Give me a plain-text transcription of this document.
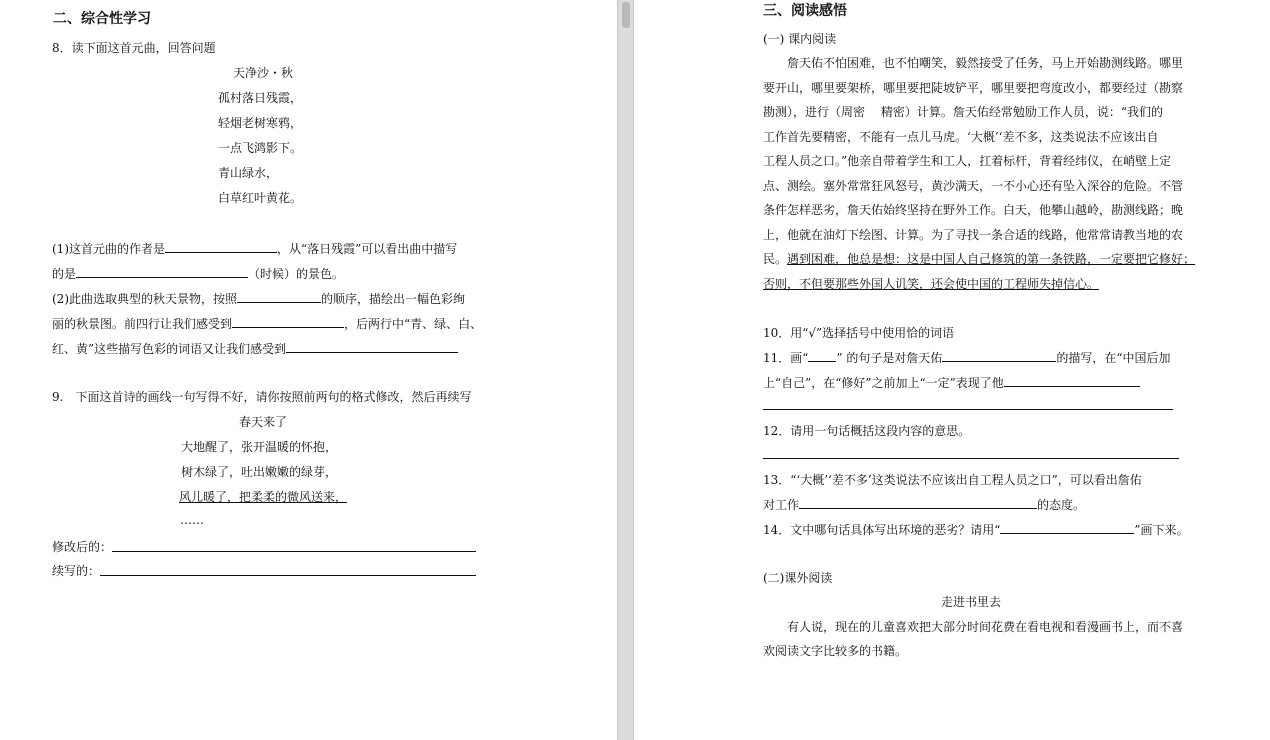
二、综合性学习
8．读下面这首元曲，回答问题
天净沙・秋
孤村落日残霞，
轻烟老树寒鸦，
一点飞鸿影下。
青山绿水，
白草红叶黄花。
(1)这首元曲的作者是	，从“落日残霞”可以看出曲中描写
的是	（时候）的景色。
(2)此曲选取典型的秋天景物，按照	的顺序，描绘出一幅色彩绚
丽的秋景图。前四行让我们感受到	，后两行中“青、绿、白、
红、黄”这些描写色彩的词语又让我们感受到
9.　下面这首诗的画线一句写得不好，请你按照前两句的格式修改，然后再续写
春天来了
大地醒了，张开温暖的怀抱，
树木绿了，吐出嫩嫩的绿芽，
风儿暖了，把柔柔的微风送来，
……
修改后的：
续写的：
三、阅读感悟
(一) 课内阅读
詹天佑不怕困难，也不怕嘲笑，毅然接受了任务，马上开始勘测线路。哪里
要开山，哪里要架桥，哪里要把陡坡铲平，哪里要把弯度改小，都要经过（勘察
勘测），进行（周密　 精密）计算。詹天佑经常勉励工作人员，说：“我们的
工作首先要精密，不能有一点儿马虎。‘大概’‘差不多，这类说法不应该出自
工程人员之口。”他亲自带着学生和工人，扛着标杆，背着经纬仪，在峭壁上定
点、测绘。塞外常常狂风怒号，黄沙满天，一不小心还有坠入深谷的危险。不管
条件怎样恶劣，詹天佑始终坚持在野外工作。白天，他攀山越岭，勘测线路；晚
上，他就在油灯下绘图、计算。为了寻找一条合适的线路，他常常请教当地的农
民。遇到困难，他总是想：这是中国人自己修筑的第一条铁路，一定要把它修好；
否则，不但要那些外国人讥笑，还会使中国的工程师失掉信心。
10．用“√”选择括号中使用恰的词语
11．画“ ” 的句子是对詹天佑	的描写，在“中国后加
上“自己”，在“修好”之前加上“一定”表现了他
12．请用一句话概括这段内容的意思。
13．“‘大概’‘差不多’这类说法不应该出自工程人员之口”，可以看出詹佑
对工作	的态度。
14．文中哪句话具体写出环境的恶劣？请用“	”画下来。
(二)课外阅读
走进书里去
有人说，现在的儿童喜欢把大部分时间花费在看电视和看漫画书上，而不喜
欢阅读文字比较多的书籍。
